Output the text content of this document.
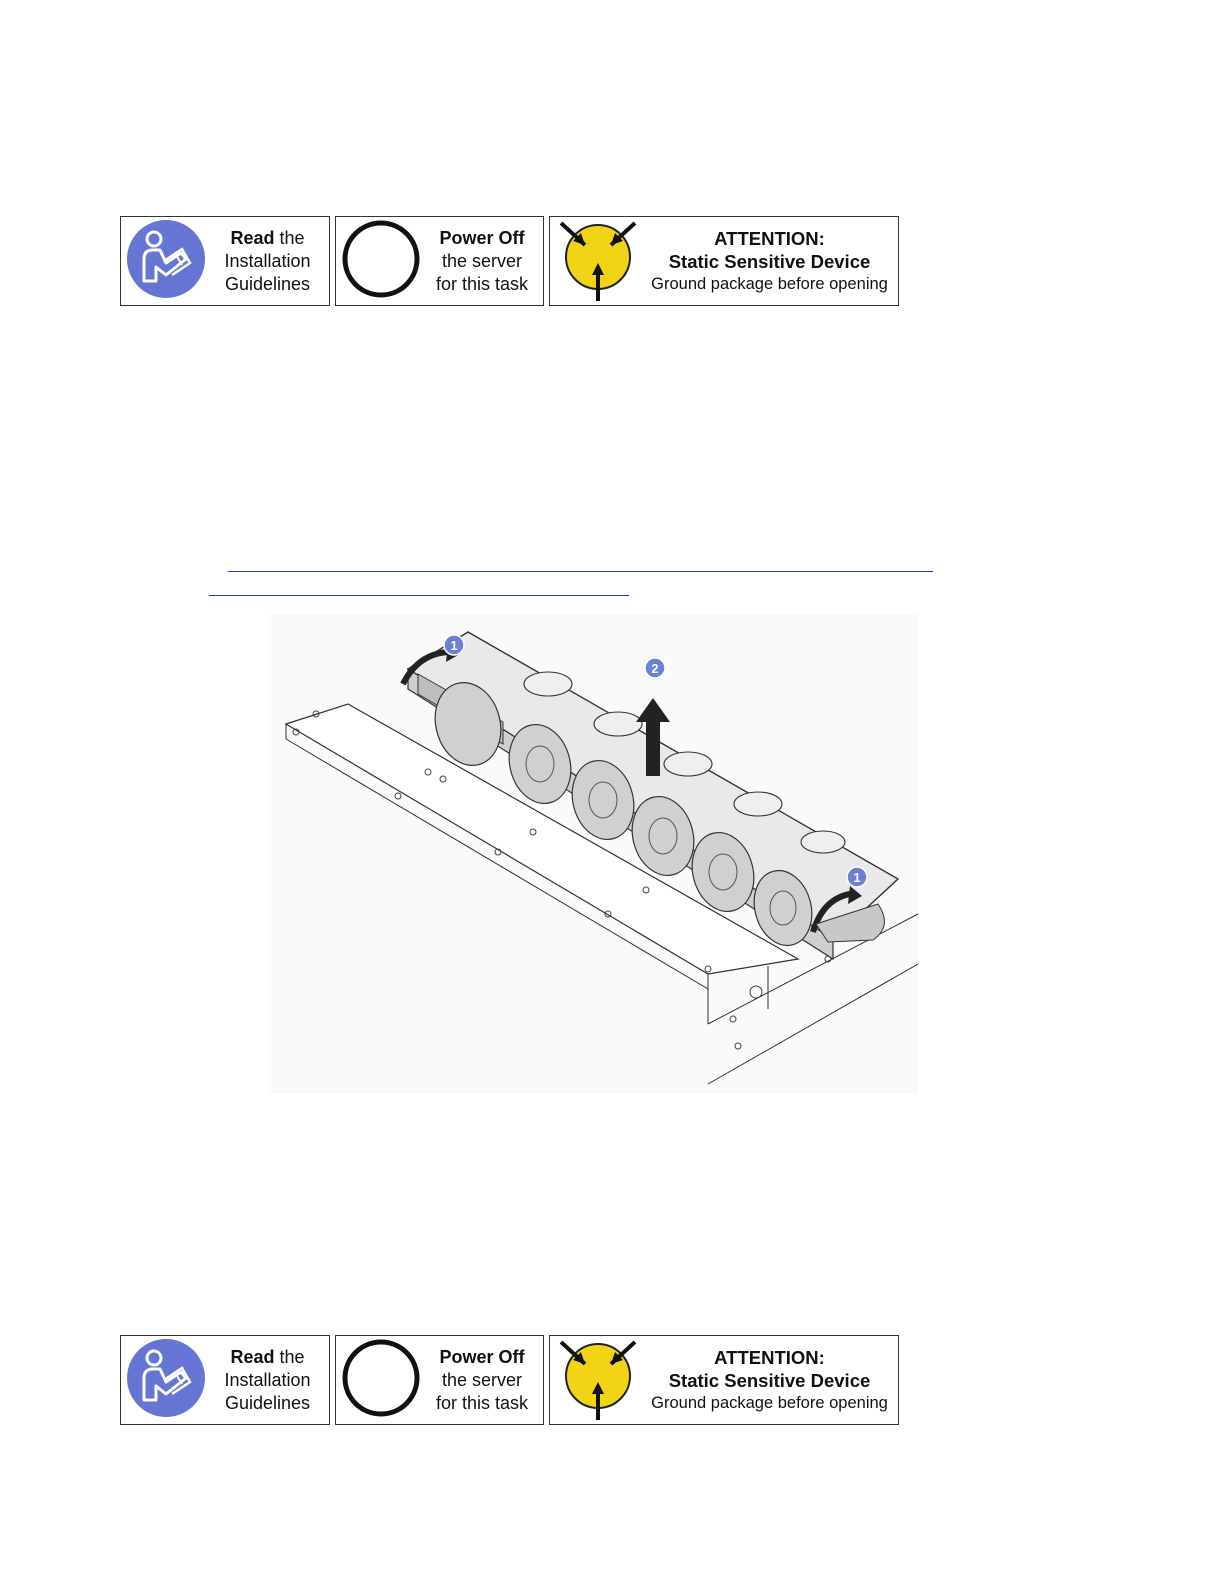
Read the
Installation
Guidelines
Power Off
the server
for this task
ATTENTION:
Static Sensitive Device
Ground package before opening
1
2
1
Read the
Installation
Guidelines
Power Off
the server
for this task
ATTENTION:
Static Sensitive Device
Ground package before opening
